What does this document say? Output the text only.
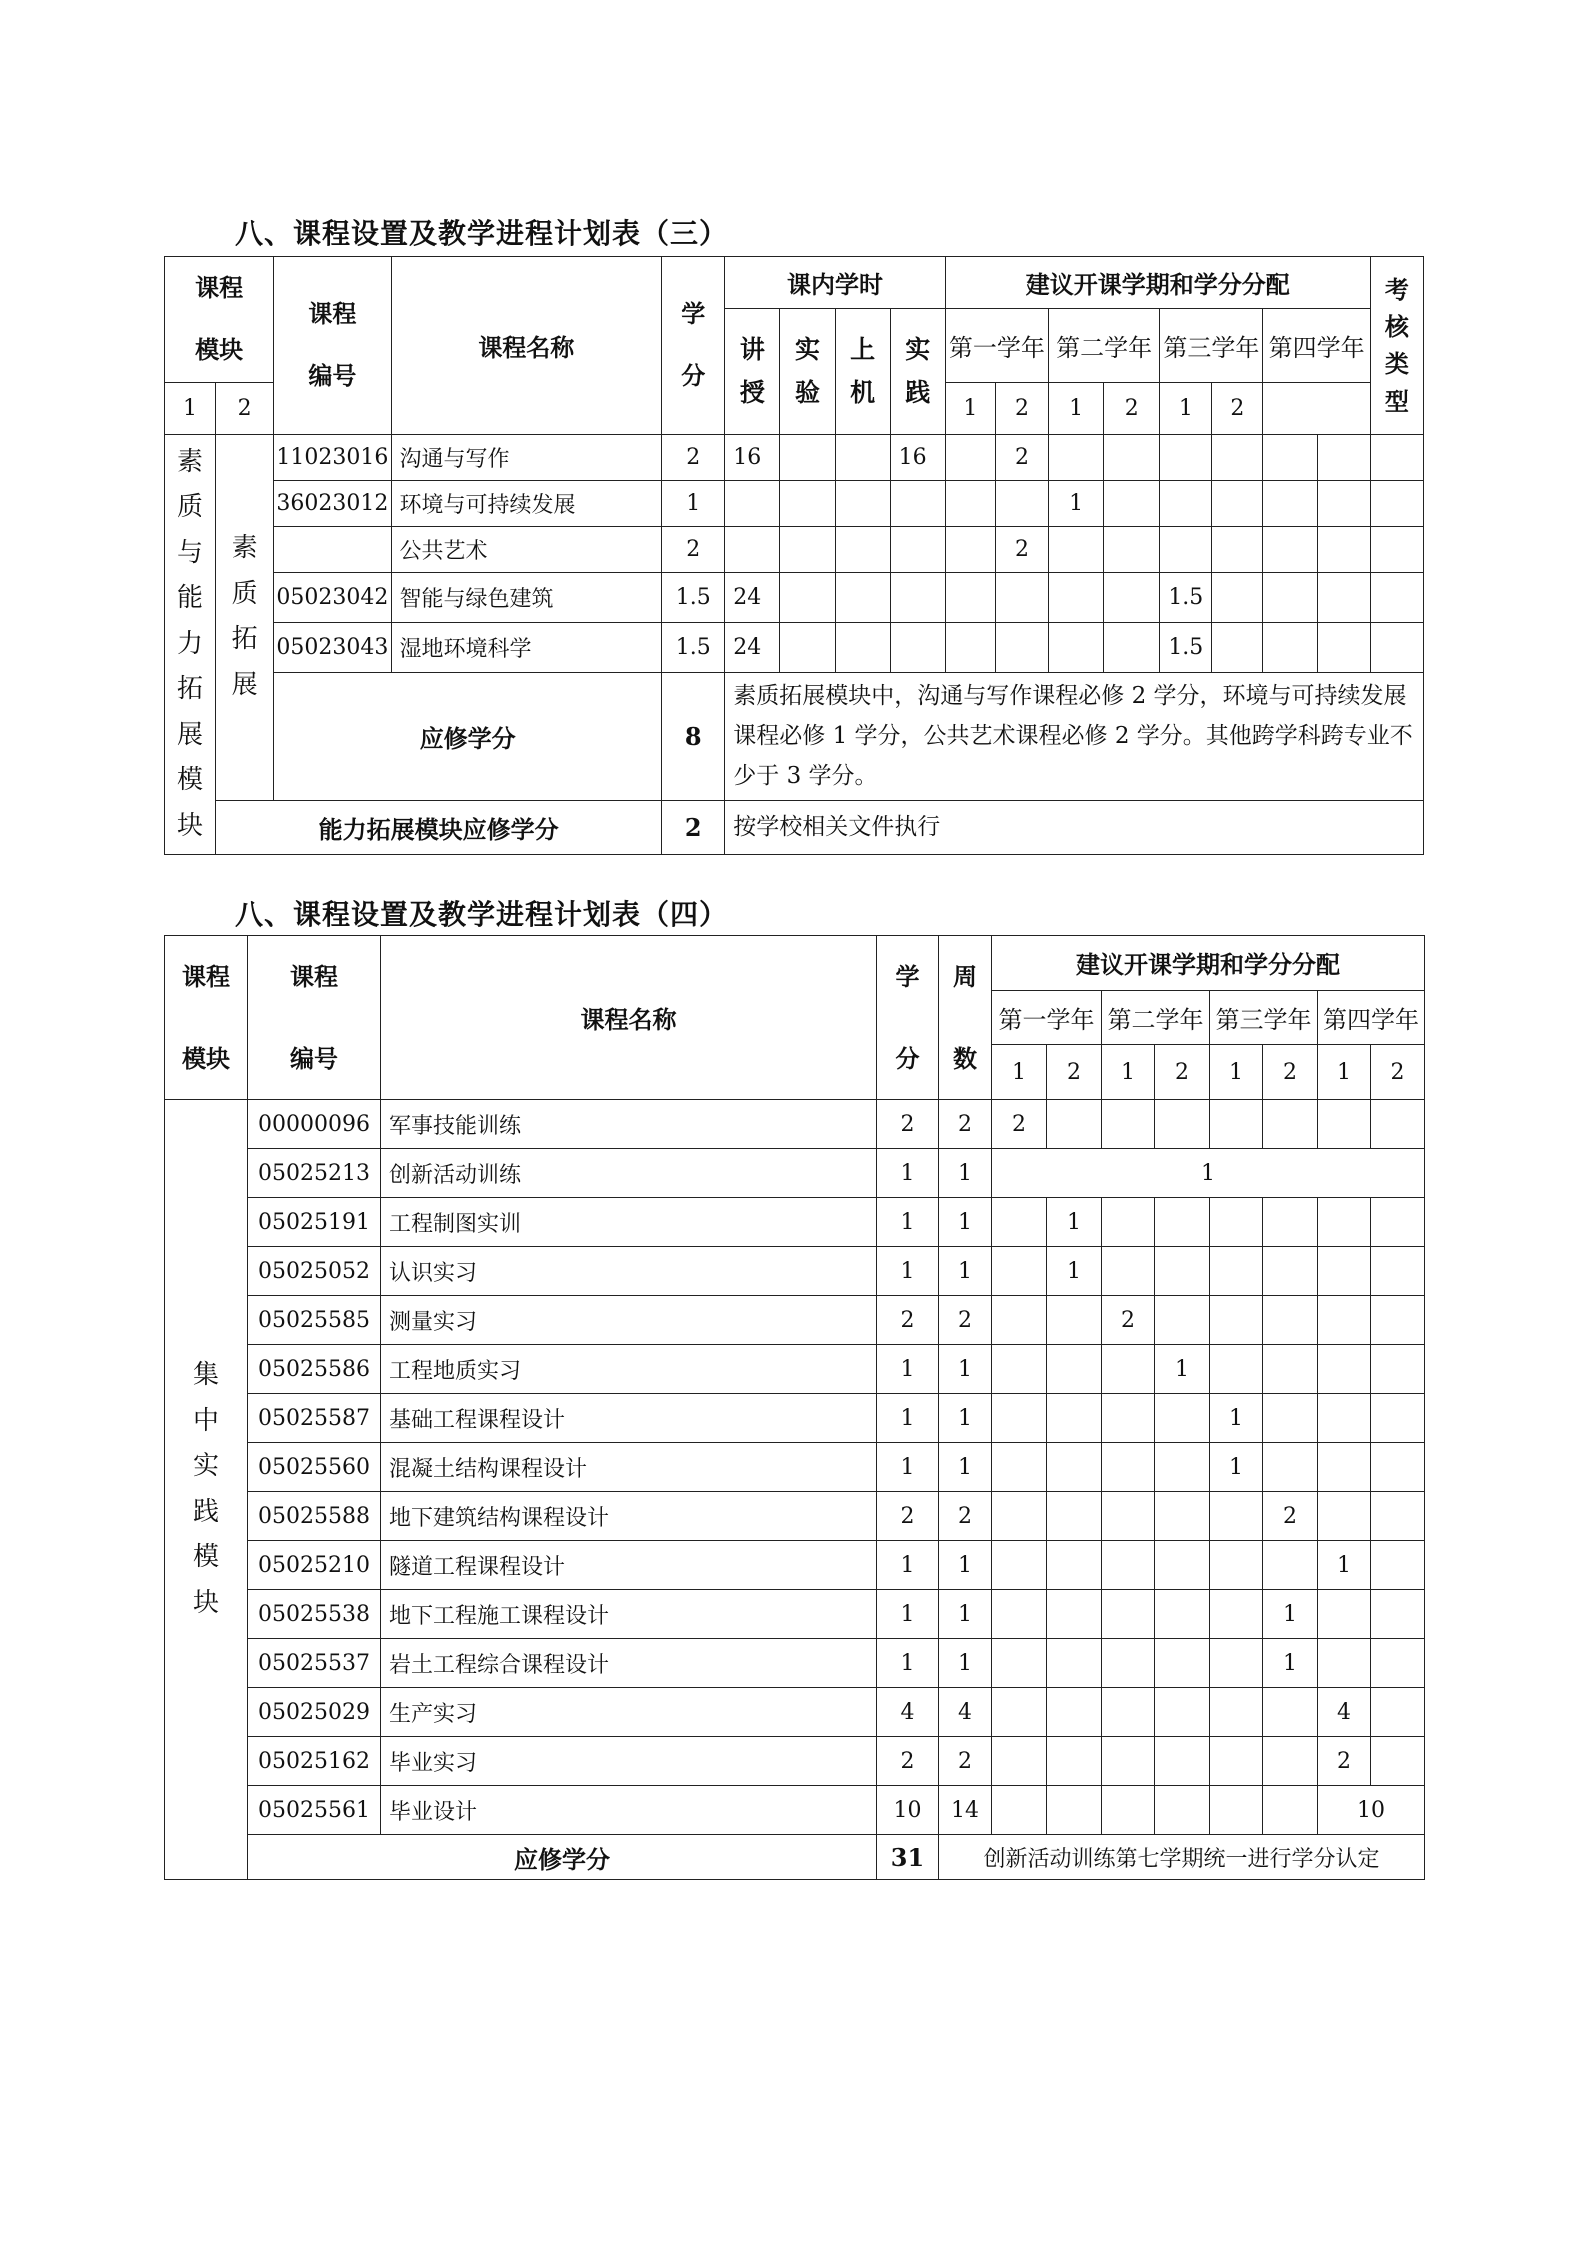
八、课程设置及教学进程计划表（三）
课程模块		课程编号	课程名称	学分	课内学时				建议开课学期和学分分配								考核类型
					讲授	实验	上机	实践	第一学年		第二学年		第三学年		第四学年		
1	2								1	2	1	2	1	2			
素质与能力拓展模块	素质拓展	11023016	沟通与写作	2	16			16		2							
		36023012	环境与可持续发展	1							1						
			公共艺术	2						2							
		05023042	智能与绿色建筑	1.5	24								1.5				
		05023043	湿地环境科学	1.5	24								1.5				
		应修学分		8	素质拓展模块中，沟通与写作课程必修 2 学分，环境与可持续发展课程必修 1 学分，公共艺术课程必修 2 学分。其他跨学科跨专业不少于 3 学分。												
	能力拓展模块应修学分			2	按学校相关文件执行												
八、课程设置及教学进程计划表（四）
课程模块	课程编号	课程名称	学分	周数	建议开课学期和学分分配							
					第一学年		第二学年		第三学年		第四学年	
					1	2	1	2	1	2	1	2
集中实践模块	00000096	军事技能训练	2	2	2							
	05025213	创新活动训练	1	1	1							
	05025191	工程制图实训	1	1		1						
	05025052	认识实习	1	1		1						
	05025585	测量实习	2	2			2					
	05025586	工程地质实习	1	1				1				
	05025587	基础工程课程设计	1	1					1			
	05025560	混凝土结构课程设计	1	1					1			
	05025588	地下建筑结构课程设计	2	2						2		
	05025210	隧道工程课程设计	1	1							1	
	05025538	地下工程施工课程设计	1	1						1		
	05025537	岩土工程综合课程设计	1	1						1		
	05025029	生产实习	4	4							4	
	05025162	毕业实习	2	2							2	
	05025561	毕业设计	10	14							10	
	应修学分		31	创新活动训练第七学期统一进行学分认定								
